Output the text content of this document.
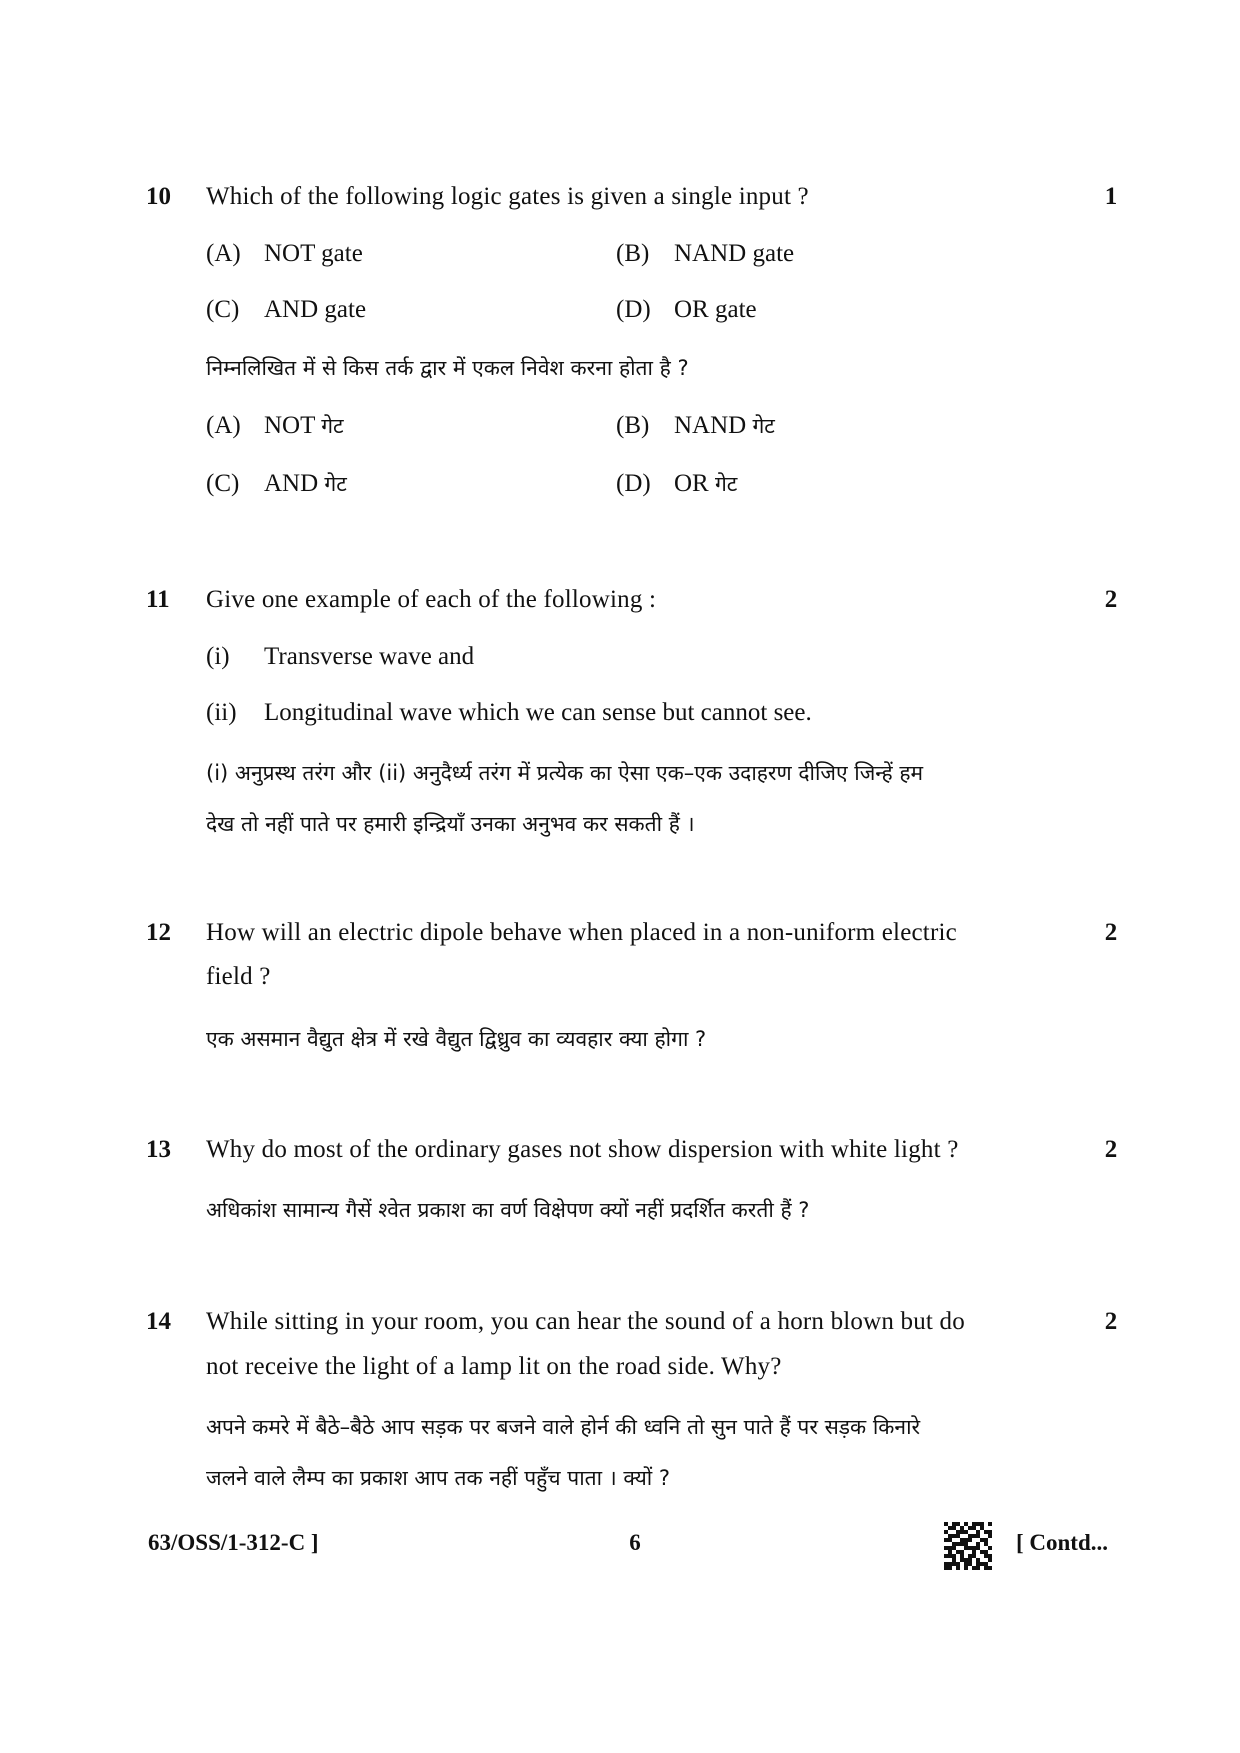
10 Which of the following logic gates is given a single input ?	1
(A) NOT gate	(B) NAND gate
(C) AND gate	(D) OR gate
निम्नलिखित में से किस तर्क द्वार में एकल निवेश करना होता है ?
(A) NOT गेट	(B) NAND गेट
(C) AND गेट	(D) OR गेट
11 Give one example of each of the following :	2
(i) Transverse wave and
(ii) Longitudinal wave which we can sense but cannot see.
(i) अनुप्रस्थ तरंग और (ii) अनुदैर्ध्य तरंग में प्रत्येक का ऐसा एक–एक उदाहरण दीजिए जिन्हें हम
देख तो नहीं पाते पर हमारी इन्द्रियाँ उनका अनुभव कर सकती हैं ।
12 How will an electric dipole behave when placed in a non-uniform electric
field ?
2
एक असमान वैद्युत क्षेत्र में रखे वैद्युत द्विध्रुव का व्यवहार क्या होगा ?
13 Why do most of the ordinary gases not show dispersion with white light ?	2
अधिकांश सामान्य गैसें श्वेत प्रकाश का वर्ण विक्षेपण क्यों नहीं प्रदर्शित करती हैं ?
14 While sitting in your room, you can hear the sound of a horn blown but do
not receive the light of a lamp lit on the road side. Why?
2
अपने कमरे में बैठे–बैठे आप सड़क पर बजने वाले होर्न की ध्वनि तो सुन पाते हैं पर सड़क किनारे
जलने वाले लैम्प का प्रकाश आप तक नहीं पहुँच पाता । क्यों ?
63/OSS/1-312-C ]	6	[ Contd...
